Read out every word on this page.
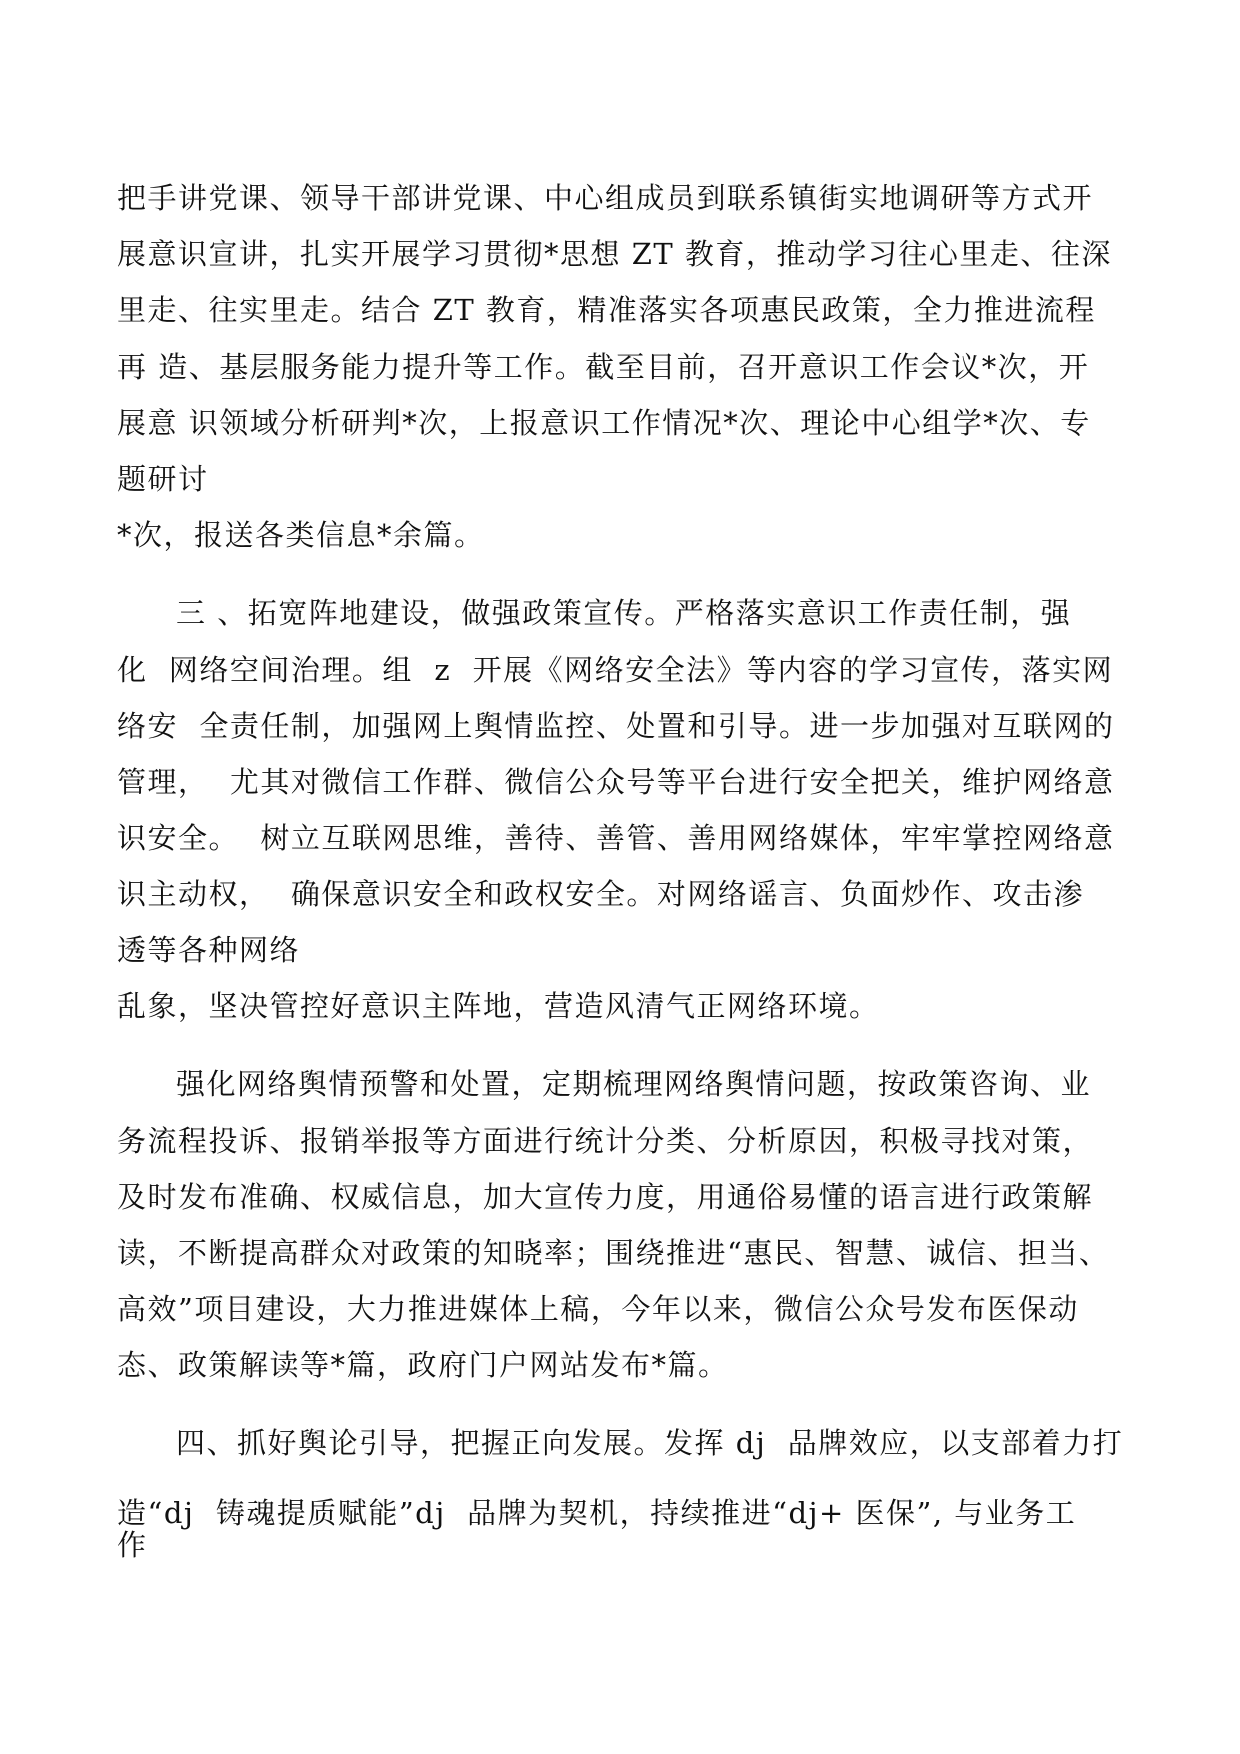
把手讲党课、领导干部讲党课、中心组成员到联系镇街实地调研等方式开
展意识宣讲，扎实开展学习贯彻*思想 ZT 教育，推动学习往心里走、往深
里走、往实里走。结合 ZT 教育，精准落实各项惠民政策，全力推进流程
再 造、基层服务能力提升等工作。截至目前，召开意识工作会议*次，开
展意 识领域分析研判*次，上报意识工作情况*次、理论中心组学*次、专
题研讨
*次，报送各类信息*余篇。
三 、拓宽阵地建设，做强政策宣传。严格落实意识工作责任制，强
化  网络空间治理。组  z  开展《网络安全法》等内容的学习宣传，落实网
络安  全责任制，加强网上舆情监控、处置和引导。进一步加强对互联网的
管理，  尤其对微信工作群、微信公众号等平台进行安全把关，维护网络意
识安全。  树立互联网思维，善待、善管、善用网络媒体，牢牢掌控网络意
识主动权，  确保意识安全和政权安全。对网络谣言、负面炒作、攻击渗
透等各种网络
乱象，坚决管控好意识主阵地，营造风清气正网络环境。
强化网络舆情预警和处置，定期梳理网络舆情问题，按政策咨询、业
务流程投诉、报销举报等方面进行统计分类、分析原因，积极寻找对策，
及时发布准确、权威信息，加大宣传力度，用通俗易懂的语言进行政策解
读，不断提高群众对政策的知晓率；围绕推进“惠民、智慧、诚信、担当、
高效”项目建设，大力推进媒体上稿，今年以来，微信公众号发布医保动
态、政策解读等*篇，政府门户网站发布*篇。
四、抓好舆论引导，把握正向发展。发挥 dj  品牌效应，以支部着力打
造“dj  铸魂提质赋能”dj  品牌为契机，持续推进“dj+ 医保”, 与业务工
作
